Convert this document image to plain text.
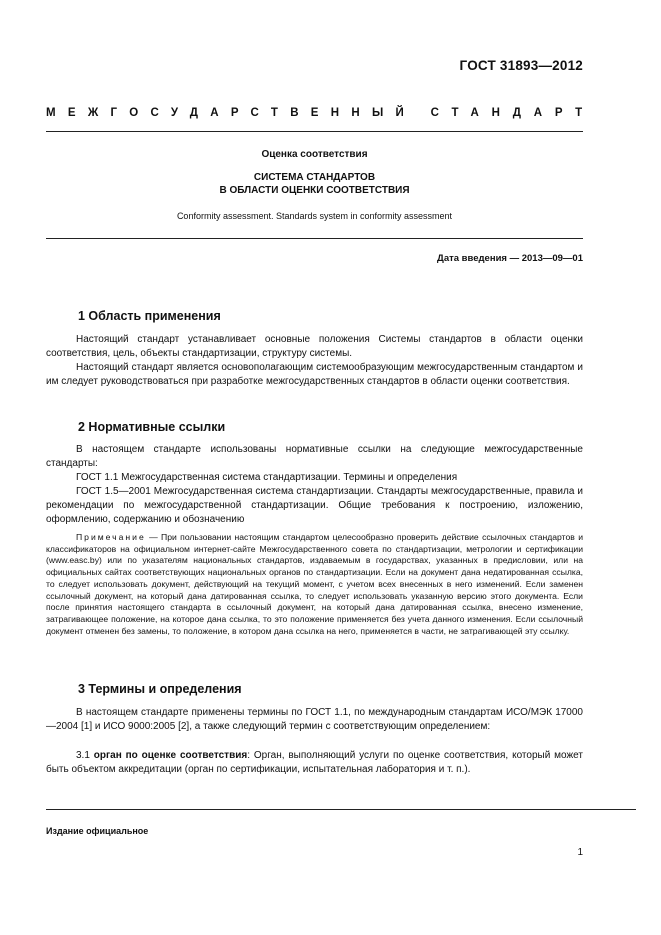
ГОСТ 31893—2012
МЕЖГОСУДАРСТВЕННЫЙ	СТАНДАРТ
Оценка соответствия
СИСТЕМА СТАНДАРТОВ
В ОБЛАСТИ ОЦЕНКИ СООТВЕТСТВИЯ
Conformity assessment. Standards system in conformity assessment
Дата введения — 2013—09—01
1 Область применения
Настоящий стандарт устанавливает основные положения Системы стандартов в области оценки соответствия, цель, объекты стандартизации, структуру системы.
Настоящий стандарт является основополагающим системообразующим межгосударственным стандартом и им следует руководствоваться при разработке межгосударственных стандартов в области оценки соответствия.
2 Нормативные ссылки
В настоящем стандарте использованы нормативные ссылки на следующие межгосударственные стандарты:
ГОСТ 1.1 Межгосударственная система стандартизации. Термины и определения
ГОСТ 1.5—2001 Межгосударственная система стандартизации. Стандарты межгосударственные, правила и рекомендации по межгосударственной стандартизации. Общие требования к построению, изложению, оформлению, содержанию и обозначению
Примечание — При пользовании настоящим стандартом целесообразно проверить действие ссылочных стандартов и классификаторов на официальном интернет-сайте Межгосударственного совета по стандартизации, метрологии и сертификации (www.easc.by) или по указателям национальных стандартов, издаваемым в государствах, указанных в предисловии, или на официальных сайтах соответствующих национальных органов по стандартизации. Если на документ дана недатированная ссылка, то следует использовать документ, действующий на текущий момент, с учетом всех внесенных в него изменений. Если заменен ссылочный документ, на который дана датированная ссылка, то следует использовать указанную версию этого документа. Если после принятия настоящего стандарта в ссылочный документ, на который дана датированная ссылка, внесено изменение, затрагивающее положение, на которое дана ссылка, то это положение применяется без учета данного изменения. Если ссылочный документ отменен без замены, то положение, в котором дана ссылка на него, применяется в части, не затрагивающей эту ссылку.
3 Термины и определения
В настоящем стандарте применены термины по ГОСТ 1.1, по международным стандартам ИСО/МЭК 17000—2004 [1] и ИСО 9000:2005 [2], а также следующий термин с соответствующим определением:
3.1 орган по оценке соответствия: Орган, выполняющий услуги по оценке соответствия, который может быть объектом аккредитации (орган по сертификации, испытательная лаборатория и т. п.).
Издание официальное
1
